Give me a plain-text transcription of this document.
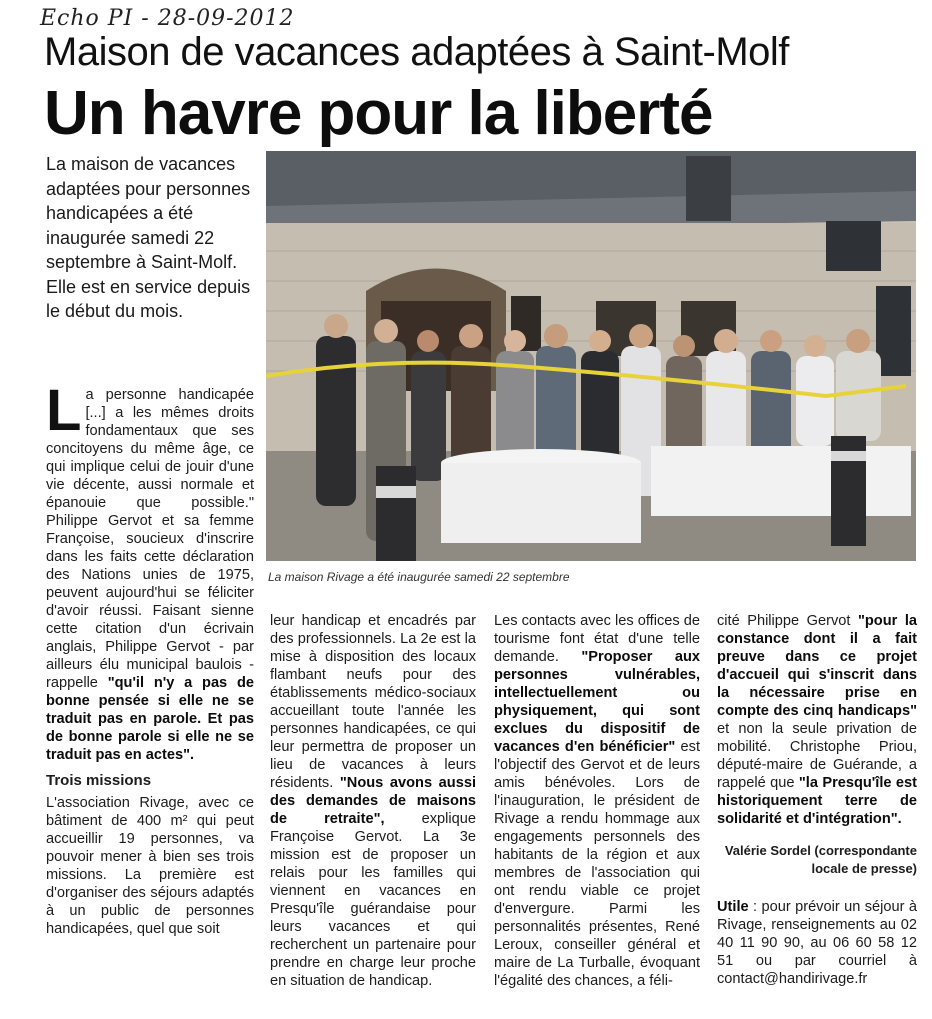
Echo PI - 28-09-2012
Maison de vacances adaptées à Saint-Molf
Un havre pour la liberté
La maison de vacances adaptées pour personnes handicapées a été inaugurée samedi 22 septembre à Saint-Molf. Elle est en service depuis le début du mois.
La maison Rivage a été inaugurée samedi 22 septembre

La personne handicapée [...] a les mêmes droits fondamentaux que ses concitoyens du même âge, ce qui implique celui de jouir d'une vie décente, aussi normale et épanouie que possible." Philippe Gervot et sa femme Françoise, soucieux d'inscrire dans les faits cette déclaration des Nations unies de 1975, peuvent aujourd'hui se féliciter d'avoir réussi. Faisant sienne cette citation d'un écrivain anglais, Philippe Gervot - par ailleurs élu municipal baulois - rappelle "qu'il n'y a pas de bonne pensée si elle ne se traduit pas en parole. Et pas de bonne parole si elle ne se traduit pas en actes".

Trois missions

L'association Rivage, avec ce bâtiment de 400 m² qui peut accueillir 19 personnes, va pouvoir mener à bien ses trois missions. La première est d'organiser des séjours adaptés à un public de personnes handicapées, quel que soit

leur handicap et encadrés par des professionnels. La 2e est la mise à disposition des locaux flambant neufs pour des établissements médico-sociaux accueillant toute l'année les personnes handicapées, ce qui leur permettra de proposer un lieu de vacances à leurs résidents. "Nous avons aussi des demandes de maisons de retraite", explique Françoise Gervot. La 3e mission est de proposer un relais pour les familles qui viennent en vacances en Presqu'île guérandaise pour leurs vacances et qui recherchent un partenaire pour prendre en charge leur proche en situation de handicap.

Les contacts avec les offices de tourisme font état d'une telle demande. "Proposer aux personnes vulnérables, intellectuellement ou physiquement, qui sont exclues du dispositif de vacances d'en bénéficier" est l'objectif des Gervot et de leurs amis bénévoles. Lors de l'inauguration, le président de Rivage a rendu hommage aux engagements personnels des habitants de la région et aux membres de l'association qui ont rendu viable ce projet d'envergure. Parmi les personnalités présentes, René Leroux, conseiller général et maire de La Turballe, évoquant l'égalité des chances, a féli-

cité Philippe Gervot "pour la constance dont il a fait preuve dans ce projet d'accueil qui s'inscrit dans la nécessaire prise en compte des cinq handicaps" et non la seule privation de mobilité. Christophe Priou, député-maire de Guérande, a rappelé que "la Presqu'île est historiquement terre de solidarité et d'intégration".

Valérie Sordel (correspondante locale de presse)

Utile : pour prévoir un séjour à Rivage, renseignements au 02 40 11 90 90, au 06 60 58 12 51 ou par courriel à contact@handirivage.fr
